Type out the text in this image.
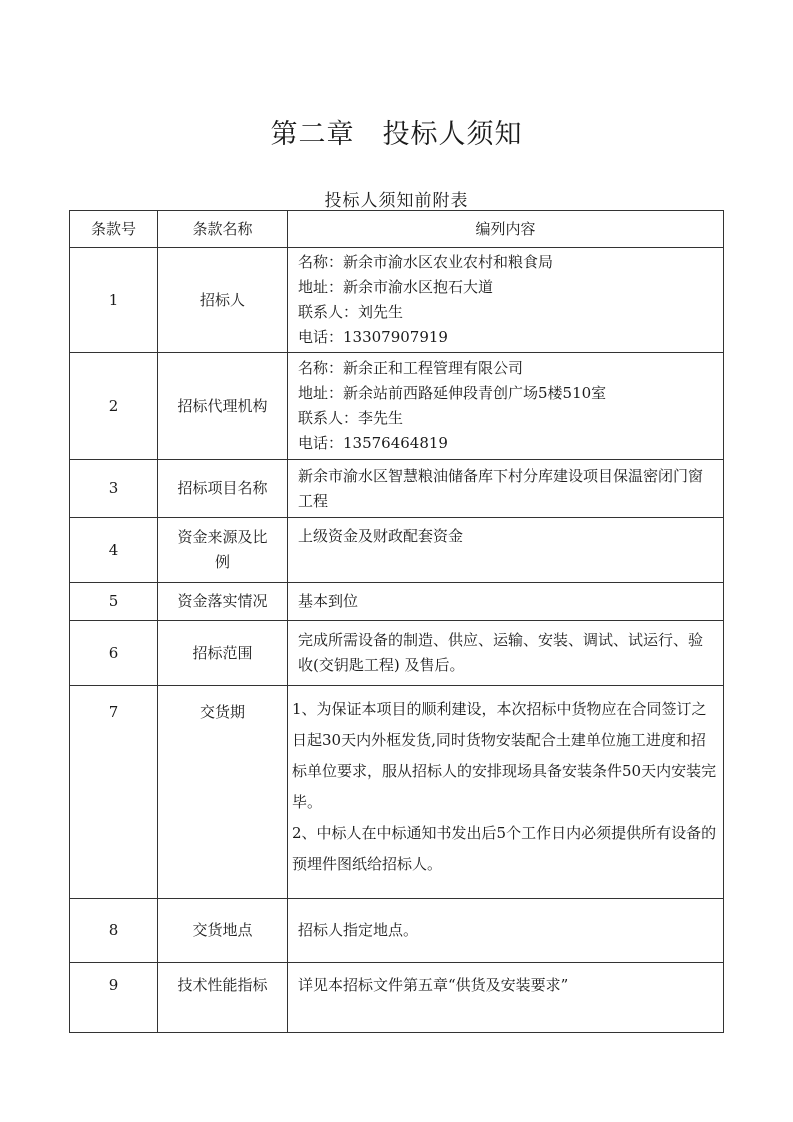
第二章　投标人须知
投标人须知前附表
条款号	条款名称	编列内容
1	招标人	名称：新余市渝水区农业农村和粮食局
地址：新余市渝水区抱石大道
联系人：刘先生
电话：13307907919

2	招标代理机构	名称：新余正和工程管理有限公司
地址：新余站前西路延伸段青创广场5楼510室
联系人：李先生
电话：13576464819

3	招标项目名称	新余市渝水区智慧粮油储备库下村分库建设项目保温密闭门窗工程

4	资金来源及比例	上级资金及财政配套资金

5	资金落实情况	基本到位

6	招标范围	完成所需设备的制造、供应、运输、安装、调试、试运行、验收(交钥匙工程) 及售后。

7	交货期	1、为保证本项目的顺利建设，本次招标中货物应在合同签订之日起30天内外框发货,同时货物安装配合土建单位施工进度和招标单位要求，服从招标人的安排现场具备安装条件50天内安装完毕。
2、中标人在中标通知书发出后5个工作日内必须提供所有设备的预埋件图纸给招标人。

8	交货地点	招标人指定地点。

9	技术性能指标	详见本招标文件第五章“供货及安装要求”
